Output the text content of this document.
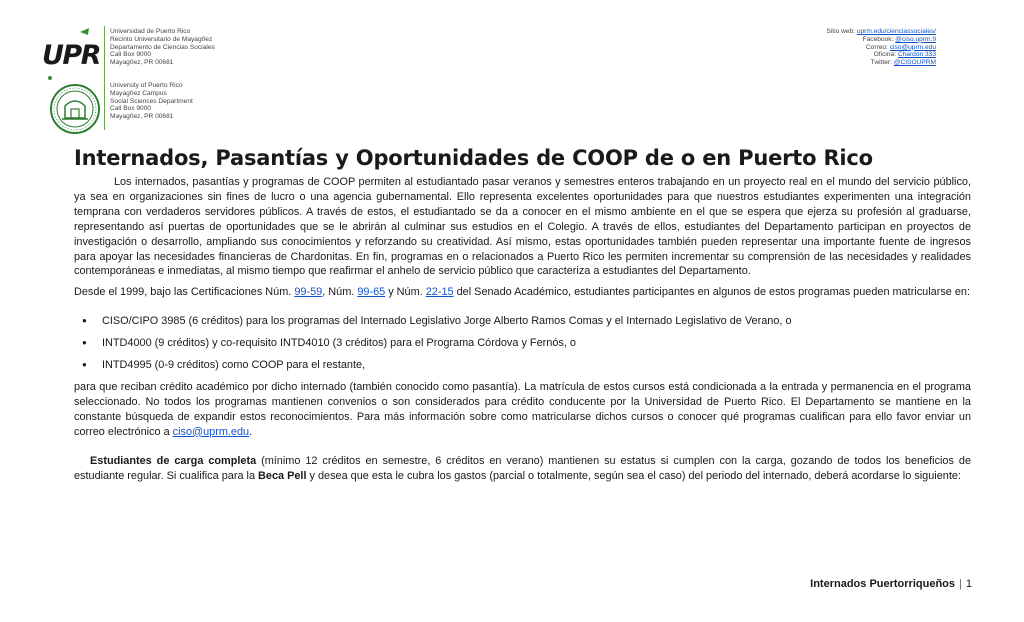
UPR
Universidad de Puerto Rico
Recinto Universitario de Mayag0ez
Departamento de Ciencias Sociales
Call Box 9000
Mayag0ez, PR 00681
University of Puerto Rico
Mayag0ez Campus
Social Sciences Department
Call Box 9000
Mayag0ez, PR 00681
Sitio web: uprm.edu/cienciassociales/
Facebook: @ciso.uprm.9
Correo: ciso@uprm.edu
Oficina: Chardón 333
Twitter: @CISOUPRM
Internados, Pasantías y Oportunidades de COOP de o en Puerto Rico

Los internados, pasantías y programas de COOP permiten al estudiantado pasar veranos y semestres enteros trabajando en un proyecto real en el mundo del servicio público, ya sea en organizaciones sin fines de lucro o una agencia gubernamental. Ello representa excelentes oportunidades para que nuestros estudiantes experimenten una integración temprana con verdaderos servidores públicos. A través de estos, el estudiantado se da a conocer en el mismo ambiente en el que se espera que ejerza su profesión al graduarse, representando así puertas de oportunidades que se le abrirán al culminar sus estudios en el Colegio. A través de ellos, estudiantes del Departamento participan en proyectos de investigación o desarrollo, ampliando sus conocimientos y reforzando su creatividad. Así mismo, estas oportunidades también pueden representar una importante fuente de ingresos para apoyar las necesidades financieras de Chardonitas. En fin, programas en o relacionados a Puerto Rico les permiten incrementar su comprensión de las necesidades y realidades contemporáneas e inmediatas, al mismo tiempo que reafirmar el anhelo de servicio público que caracteriza a estudiantes del Departamento.

Desde el 1999, bajo las Certificaciones Núm. 99-59, Núm. 99-65 y Núm. 22-15 del Senado Académico, estudiantes participantes en algunos de estos programas pueden matricularse en:

● CISO/CIPO 3985 (6 créditos) para los programas del Internado Legislativo Jorge Alberto Ramos Comas y el Internado Legislativo de Verano, o
● INTD4000 (9 créditos) y co-requisito INTD4010 (3 créditos) para el Programa Córdova y Fernós, o
● INTD4995 (0-9 créditos) como COOP para el restante,

para que reciban crédito académico por dicho internado (también conocido como pasantía). La matrícula de estos cursos está condicionada a la entrada y permanencia en el programa seleccionado. No todos los programas mantienen convenios o son considerados para crédito conducente por la Universidad de Puerto Rico. El Departamento se mantiene en la constante búsqueda de expandir estos reconocimientos. Para más información sobre como matricularse dichos cursos o conocer qué programas cualifican para ello favor enviar un correo electrónico a ciso@uprm.edu.

Estudiantes de carga completa (mínimo 12 créditos en semestre, 6 créditos en verano) mantienen su estatus si cumplen con la carga, gozando de todos los beneficios de estudiante regular. Si cualifica para la Beca Pell y desea que esta le cubra los gastos (parcial o totalmente, según sea el caso) del periodo del internado, deberá acordarse lo siguiente:

Internados Puertorriqueños | 1
